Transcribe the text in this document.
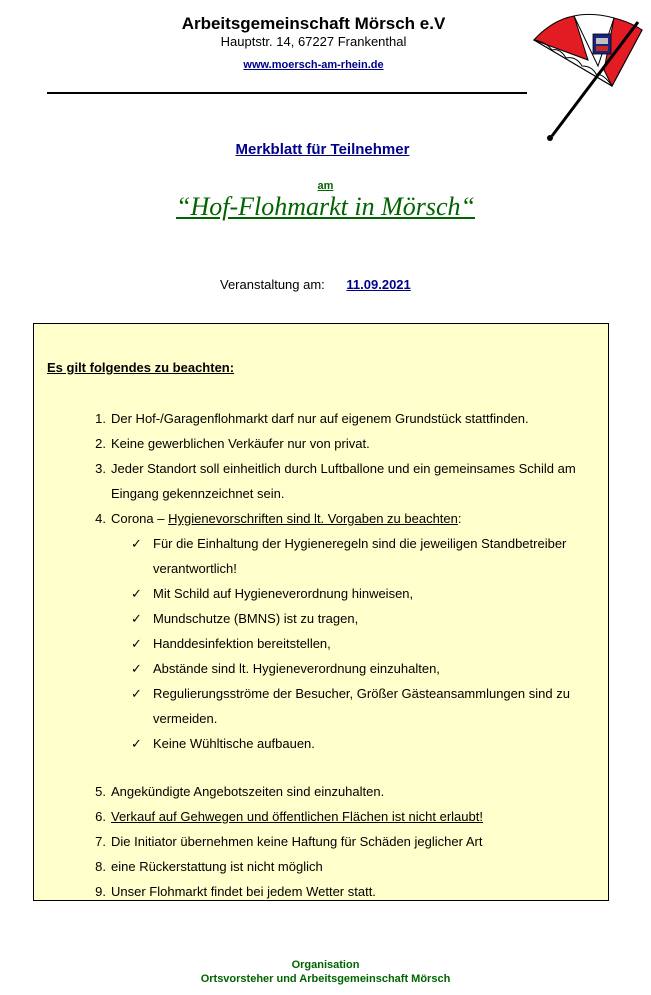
Arbeitsgemeinschaft Mörsch e.V
Hauptstr. 14, 67227 Frankenthal
www.moersch-am-rhein.de
Merkblatt für Teilnehmer
am
“Hof-Flohmarkt in Mörsch“
Veranstaltung am: 11.09.2021
Es gilt folgendes zu beachten:
1. Der Hof-/Garagenflohmarkt darf nur auf eigenem Grundstück stattfinden.
2. Keine gewerblichen Verkäufer nur von privat.
3. Jeder Standort soll einheitlich durch Luftballone und ein gemeinsames Schild am Eingang gekennzeichnet sein.
4. Corona – Hygienevorschriften sind lt. Vorgaben zu beachten:
✓ Für die Einhaltung der Hygieneregeln sind die jeweiligen Standbetreiber verantwortlich!
✓ Mit Schild auf Hygieneverordnung hinweisen,
✓ Mundschutze (BMNS) ist zu tragen,
✓ Handdesinfektion bereitstellen,
✓ Abstände sind lt. Hygieneverordnung einzuhalten,
✓ Regulierungsströme der Besucher, Größer Gästeansammlungen sind zu vermeiden.
✓ Keine Wühltische aufbauen.
5. Angekündigte Angebotszeiten sind einzuhalten.
6. Verkauf auf Gehwegen und öffentlichen Flächen ist nicht erlaubt!
7. Die Initiator übernehmen keine Haftung für Schäden jeglicher Art
8. eine Rückerstattung ist nicht möglich
9. Unser Flohmarkt findet bei jedem Wetter statt.
Organisation
Ortsvorsteher und Arbeitsgemeinschaft Mörsch
